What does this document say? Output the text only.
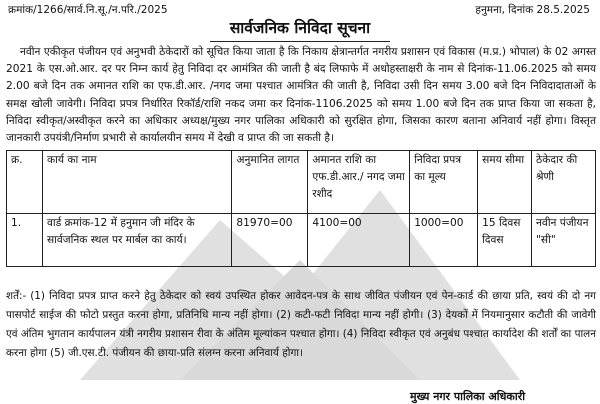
क्रमांक/1266/सार्व.नि.सू./न.परि./2025	हनुमना, दिनांक 28.5.2025
सार्वजनिक निविदा सूचना
नवीन एकीकृत पंजीयन एवं अनुभवी ठेकेदारों को सूचित किया जाता है कि निकाय क्षेत्रान्तर्गत नगरीय प्रशासन एवं विकास (म.प्र.) भोपाल) के 02 अगस्त 2021 के एस.ओ.आर. दर पर निम्न कार्य हेतु निविदा दर आमंत्रित की जाती है बंद लिफाफे में अधोहस्ताक्षरी के नाम से दिनांक-11.06.2025 को समय 2.00 बजे दिन तक अमानत राशि का एफ.डी.आर. /नगद जमा पश्चात आमंत्रित की जाती है, निविदा उसी दिन समय 3.00 बजे दिन निविदादाताओं के समक्ष खोली जावेगी। निविदा प्रपत्र निर्धारित रिकॉर्ड/राशि नकद जमा कर दिनांक-1106.2025 को समय 1.00 बजे दिन तक प्राप्त किया जा सकता है, निविदा स्वीकृत/अस्वीकृत करने का अधिकार अध्यक्ष/मुख्य नगर पालिका अधिकारी को सुरक्षित होगा, जिसका कारण बताना अनिवार्य नहीं होगा। विस्तृत जानकारी उपयंत्री/निर्माण प्रभारी से कार्यालयीन समय में देखी व प्राप्त की जा सकती है।
क्र.	कार्य का नाम	अनुमानित लागत	अमानत राशि का एफ.डी.आर./ नगद जमा रशीद	निविदा प्रपत्र का मूल्य	समय सीमा	ठेकेदार की श्रेणी
1.	वार्ड क्रमांक-12 में हनुमान जी मंदिर के सार्वजनिक स्थल पर मार्बल का कार्य।	81970=00	4100=00	1000=00	15 दिवस दिवस	नवीन पंजीयन "सी"
शर्तें:- (1) निविदा प्रपत्र प्राप्त करने हेतु ठेकेदार को स्वयं उपस्थित होकर आवेदन-पत्र के साथ जीवित पंजीयन एवं पेन-कार्ड की छाया प्रति, स्वयं की दो नग पासपोर्ट साईज की फोटो प्रस्तुत करना होगा, प्रतिनिधि मान्य नहीं होगा। (2) कटी-फटी निविदा मान्य नहीं होगी। (3) देयकों में नियमानुसार कटौती की जावेगी एवं अंतिम भुगतान कार्यपालन यंत्री नगरीय प्रशासन रीवा के अंतिम मूल्यांकन पश्चात होगा। (4) निविदा स्वीकृत एवं अनुबंध पश्चात कार्यादेश की शर्तों का पालन करना होगा (5) जी.एस.टी. पंजीयन की छाया-प्रति संलग्न करना अनिवार्य होगा।
मुख्य नगर पालिका अधिकारी
